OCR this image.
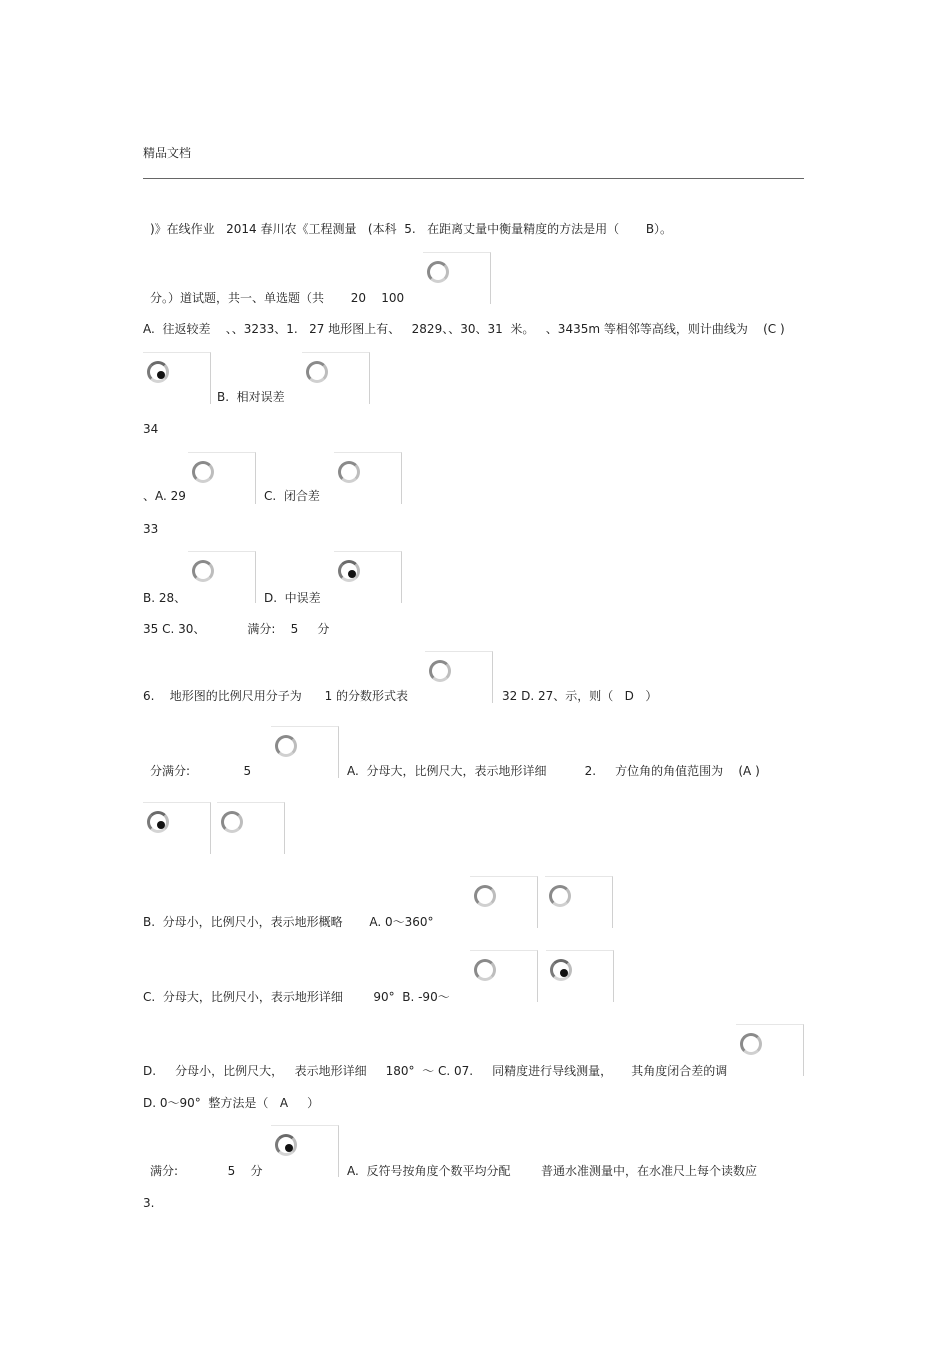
精品文档
)》在线作业   2014 春川农《工程测量   (本科  5.   在距离丈量中衡量精度的方法是用（       B）。
分。）道试题，共一、单选题（共       20    100
A.  往返较差    、、3233、1.   27 地形图上有、   2829、、30、31  米。   、3435m 等相邻等高线，则计曲线为    (C )
B.  相对误差
34
、A. 29	C.  闭合差
33
B. 28、	D.  中误差
35 C. 30、           满分:    5     分
6.    地形图的比例尺用分子为      1 的分数形式表	32 D. 27、示，则（   D   ）
分满分:              5	A.  分母大，比例尺大，表示地形详细          2.     方位角的角值范围为    (A )
B.  分母小，比例尺小，表示地形概略       A. 0～360°
C.  分母大，比例尺小，表示地形详细        90°  B. -90～
D.     分母小，比例尺大，   表示地形详细     180°  ～ C. 07.     同精度进行导线测量，     其角度闭合差的调
D. 0～90°  整方法是（   A     ）
满分:             5    分	A.  反符号按角度个数平均分配        普通水准测量中，在水准尺上每个读数应
3.
